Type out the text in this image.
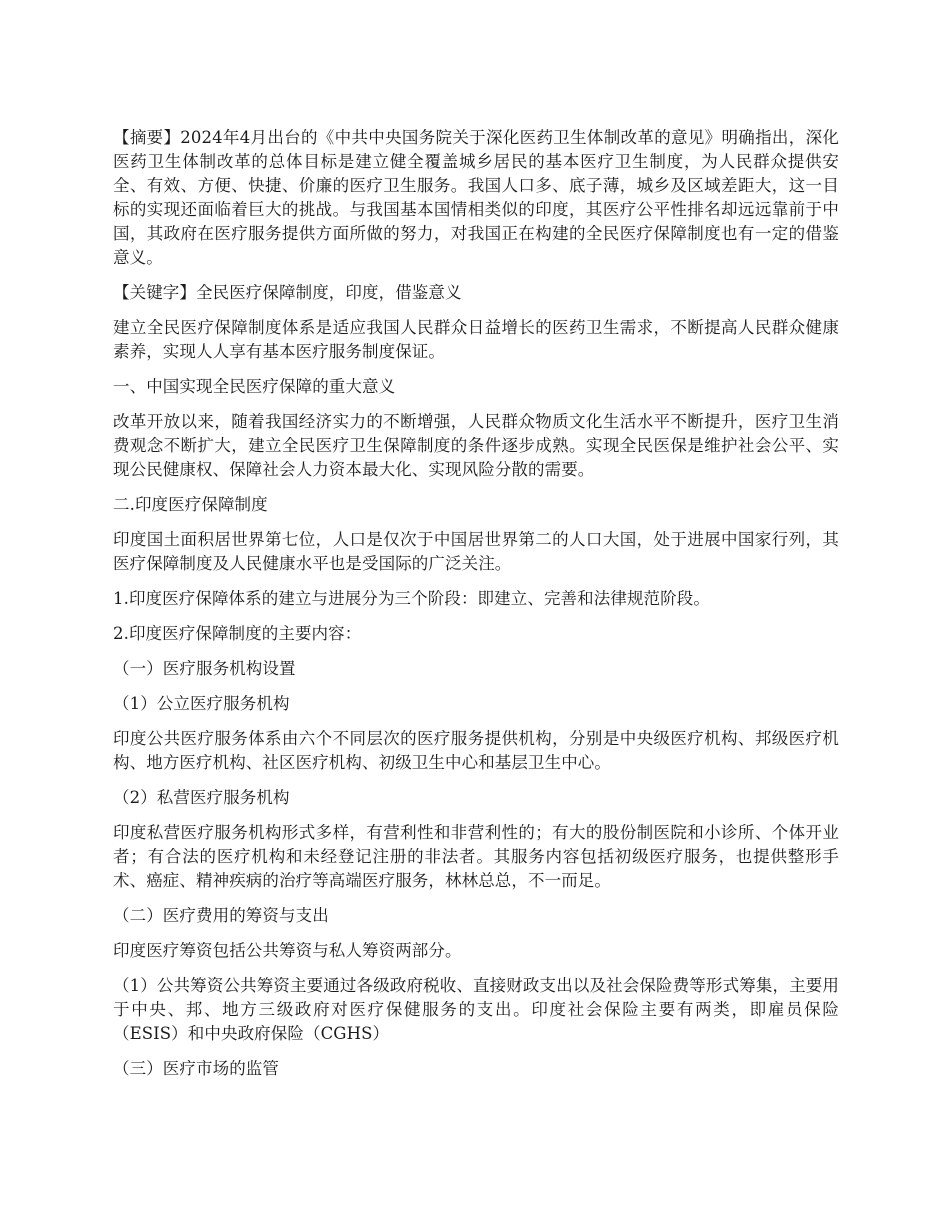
【摘要】2024年4月出台的《中共中央国务院关于深化医药卫生体制改革的意见》明确指出，深化医药卫生体制改革的总体目标是建立健全覆盖城乡居民的基本医疗卫生制度，为人民群众提供安全、有效、方便、快捷、价廉的医疗卫生服务。我国人口多、底子薄，城乡及区域差距大，这一目标的实现还面临着巨大的挑战。与我国基本国情相类似的印度，其医疗公平性排名却远远靠前于中国，其政府在医疗服务提供方面所做的努力，对我国正在构建的全民医疗保障制度也有一定的借鉴意义。

【关键字】全民医疗保障制度，印度，借鉴意义

建立全民医疗保障制度体系是适应我国人民群众日益增长的医药卫生需求，不断提高人民群众健康素养，实现人人享有基本医疗服务制度保证。

一、中国实现全民医疗保障的重大意义

改革开放以来，随着我国经济实力的不断增强，人民群众物质文化生活水平不断提升，医疗卫生消费观念不断扩大，建立全民医疗卫生保障制度的条件逐步成熟。实现全民医保是维护社会公平、实现公民健康权、保障社会人力资本最大化、实现风险分散的需要。

二.印度医疗保障制度

印度国土面积居世界第七位，人口是仅次于中国居世界第二的人口大国，处于进展中国家行列，其医疗保障制度及人民健康水平也是受国际的广泛关注。

1.印度医疗保障体系的建立与进展分为三个阶段：即建立、完善和法律规范阶段。

2.印度医疗保障制度的主要内容：

（一）医疗服务机构设置

（1）公立医疗服务机构

印度公共医疗服务体系由六个不同层次的医疗服务提供机构，分别是中央级医疗机构、邦级医疗机构、地方医疗机构、社区医疗机构、初级卫生中心和基层卫生中心。

（2）私营医疗服务机构

印度私营医疗服务机构形式多样，有营利性和非营利性的；有大的股份制医院和小诊所、个体开业者；有合法的医疗机构和未经登记注册的非法者。其服务内容包括初级医疗服务，也提供整形手术、癌症、精神疾病的治疗等高端医疗服务，林林总总，不一而足。

（二）医疗费用的筹资与支出

印度医疗筹资包括公共筹资与私人筹资两部分。

（1）公共筹资公共筹资主要通过各级政府税收、直接财政支出以及社会保险费等形式筹集，主要用于中央、邦、地方三级政府对医疗保健服务的支出。印度社会保险主要有两类，即雇员保险（ESIS）和中央政府保险（CGHS）

（三）医疗市场的监管
